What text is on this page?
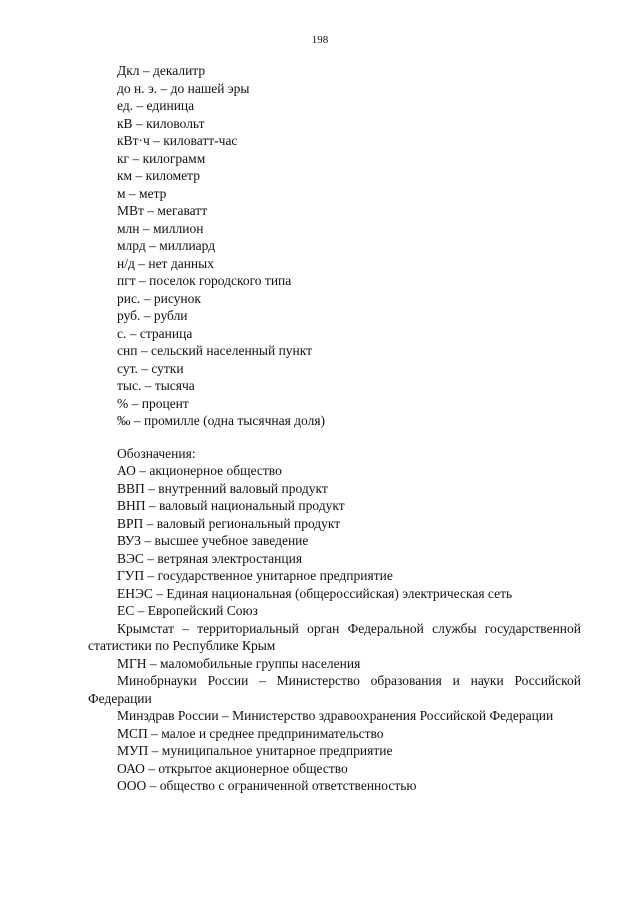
198
Дкл – декалитр
до н. э. – до нашей эры
ед. – единица
кВ – киловольт
кВт·ч – киловатт-час
кг – килограмм
км – километр
м – метр
МВт – мегаватт
млн – миллион
млрд – миллиард
н/д – нет данных
пгт – поселок городского типа
рис. – рисунок
руб. – рубли
с. – страница
снп – сельский населенный пункт
сут. – сутки
тыс. – тысяча
% – процент
‰ – промилле (одна тысячная доля)
Обозначения:
АО – акционерное общество
ВВП – внутренний валовый продукт
ВНП – валовый национальный продукт
ВРП – валовый региональный продукт
ВУЗ – высшее учебное заведение
ВЭС – ветряная электростанция
ГУП – государственное унитарное предприятие
ЕНЭС – Единая национальная (общероссийская) электрическая сеть
ЕС – Европейский Союз
Крымстат – территориальный орган Федеральной службы государственной статистики по Республике Крым
МГН – маломобильные группы населения
Минобрнауки России – Министерство образования и науки Российской Федерации
Минздрав России – Министерство здравоохранения Российской Федерации
МСП – малое и среднее предпринимательство
МУП – муниципальное унитарное предприятие
ОАО – открытое акционерное общество
ООО – общество с ограниченной ответственностью
